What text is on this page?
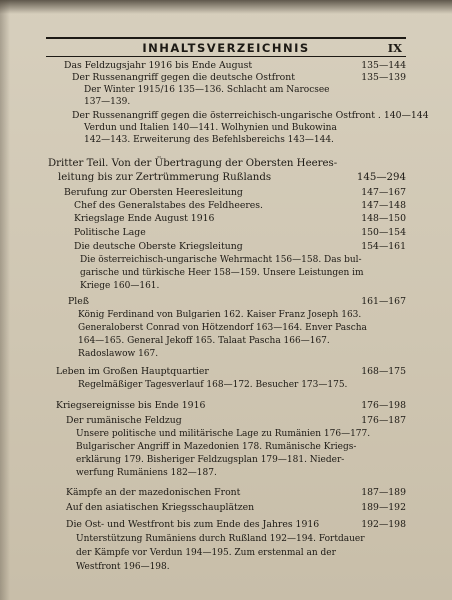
INHALTSVERZEICHNIS	IX
Das Feldzugsjahr 1916 bis Ende August	135—144
Der Russenangriff gegen die deutsche Ostfront	135—139
Der Winter 1915/16 135—136. Schlacht am Narocsee
137—139.
Der Russenangriff gegen die österreichisch-ungarische Ostfront . 140—144
Verdun und Italien 140—141. Wolhynien und Bukowina
142—143. Erweiterung des Befehlsbereichs 143—144.
Dritter Teil. Von der Übertragung der Obersten Heeres-
leitung bis zur Zertrümmerung Rußlands	145—294
Berufung zur Obersten Heeresleitung	147—167
Chef des Generalstabes des Feldheeres.	147—148
Kriegslage Ende August 1916	148—150
Politische Lage	150—154
Die deutsche Oberste Kriegsleitung	154—161
Die österreichisch-ungarische Wehrmacht 156—158. Das bul-
garische und türkische Heer 158—159. Unsere Leistungen im
Kriege 160—161.
Pleß	161—167
König Ferdinand von Bulgarien 162. Kaiser Franz Joseph 163.
Generaloberst Conrad von Hötzendorf 163—164. Enver Pascha
164—165. General Jekoff 165. Talaat Pascha 166—167.
Radoslawow 167.
Leben im Großen Hauptquartier	168—175
Regelmäßiger Tagesverlauf 168—172. Besucher 173—175.
Kriegsereignisse bis Ende 1916	176—198
Der rumänische Feldzug	176—187
Unsere politische und militärische Lage zu Rumänien 176—177.
Bulgarischer Angriff in Mazedonien 178. Rumänische Kriegs-
erklärung 179. Bisheriger Feldzugsplan 179—181. Nieder-
werfung Rumäniens 182—187.
Kämpfe an der mazedonischen Front	187—189
Auf den asiatischen Kriegsschauplätzen	189—192
Die Ost- und Westfront bis zum Ende des Jahres 1916	192—198
Unterstützung Rumäniens durch Rußland 192—194. Fortdauer
der Kämpfe vor Verdun 194—195. Zum erstenmal an der
Westfront 196—198.
